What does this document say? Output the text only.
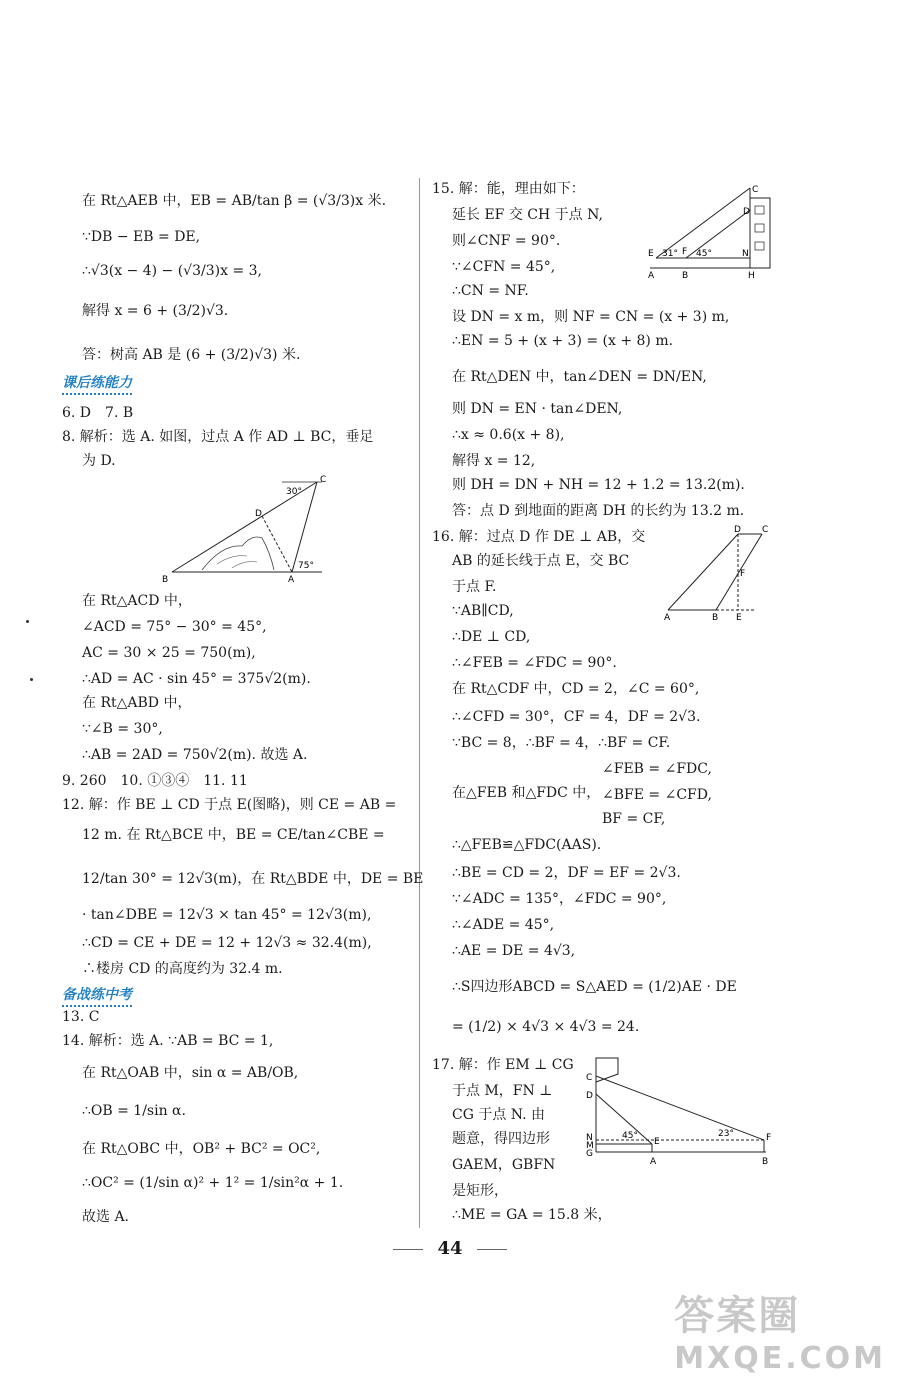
课后练能力
备战练中考
C
D
B	A
30°
75°
在 Rt△AEB 中，EB = AB/tan β = (√3/3)x 米.
∵DB − EB = DE,
∴√3(x − 4) − (√3/3)x = 3,
解得 x = 6 + (3/2)√3.
答：树高 AB 是 (6 + (3/2)√3) 米.
6. D　7. B
8. 解析：选 A. 如图，过点 A 作 AD ⊥ BC，垂足
为 D.
在 Rt△ACD 中，
∠ACD = 75° − 30° = 45°,
AC = 30 × 25 = 750(m),
∴AD = AC · sin 45° = 375√2(m).
在 Rt△ABD 中，
∵∠B = 30°,
∴AB = 2AD = 750√2(m). 故选 A.
9. 260　10. ①③④　11. 11
12. 解：作 BE ⊥ CD 于点 E(图略)，则 CE = AB =
12 m. 在 Rt△BCE 中，BE = CE/tan∠CBE =
12/tan 30° = 12√3(m)，在 Rt△BDE 中，DE = BE
· tan∠DBE = 12√3 × tan 45° = 12√3(m),
∴CD = CE + DE = 12 + 12√3 ≈ 32.4(m),
∴楼房 CD 的高度约为 32.4 m.
13. C
14. 解析：选 A. ∵AB = BC = 1,
在 Rt△OAB 中，sin α = AB/OB,
∴OB = 1/sin α.
在 Rt△OBC 中，OB² + BC² = OC²,
∴OC² = (1/sin α)² + 1² = 1/sin²α + 1.
故选 A.
C
D
E	F	N
A	B	H
31° 45°
D C
F
A	B E
C
D
N
M
G
A
E
B
F
45°	23°
15. 解：能，理由如下：
延长 EF 交 CH 于点 N,
则∠CNF = 90°.
∵∠CFN = 45°,
∴CN = NF.
设 DN = x m，则 NF = CN = (x + 3) m,
∴EN = 5 + (x + 3) = (x + 8) m.
在 Rt△DEN 中，tan∠DEN = DN/EN,
则 DN = EN · tan∠DEN,
∴x ≈ 0.6(x + 8),
解得 x = 12,
则 DH = DN + NH = 12 + 1.2 = 13.2(m).
答：点 D 到地面的距离 DH 的长约为 13.2 m.
16. 解：过点 D 作 DE ⊥ AB，交
AB 的延长线于点 E，交 BC
于点 F.
∵AB∥CD,
∴DE ⊥ CD,
∴∠FEB = ∠FDC = 90°.
在 Rt△CDF 中，CD = 2，∠C = 60°,
∴∠CFD = 30°，CF = 4，DF = 2√3.
∵BC = 8，∴BF = 4，∴BF = CF.
在△FEB 和△FDC 中，
∠FEB = ∠FDC,
∠BFE = ∠CFD,
BF = CF,
∴△FEB≌△FDC(AAS).
∴BE = CD = 2，DF = EF = 2√3.
∵∠ADC = 135°，∠FDC = 90°,
∴∠ADE = 45°,
∴AE = DE = 4√3,
∴S四边形ABCD = S△AED = (1/2)AE · DE
= (1/2) × 4√3 × 4√3 = 24.
17. 解：作 EM ⊥ CG
于点 M，FN ⊥
CG 于点 N. 由
题意，得四边形
GAEM，GBFN
是矩形，
∴ME = GA = 15.8 米，
44
答案圈
MXQE.COM
